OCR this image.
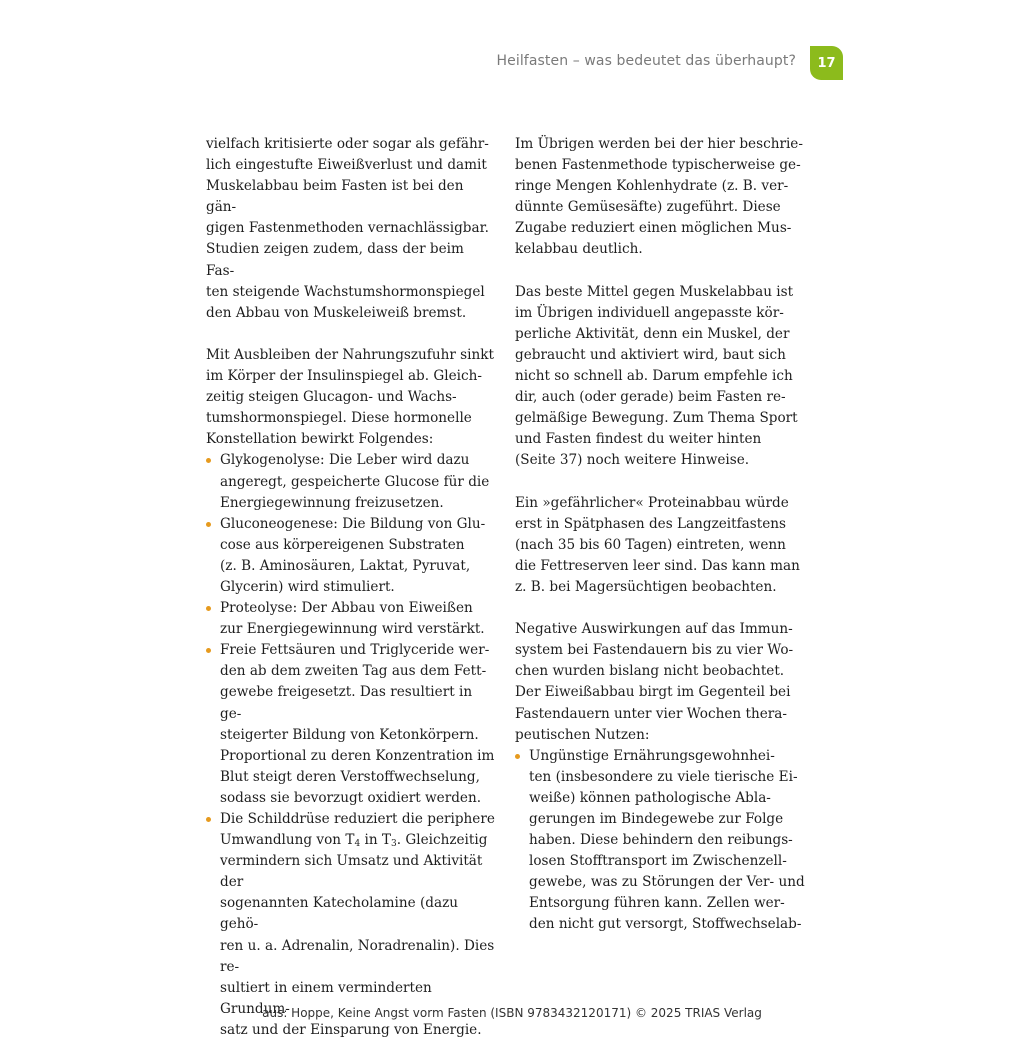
Heilfasten – was bedeutet das überhaupt?	17

vielfach kritisierte oder sogar als gefähr-
lich eingestufte Eiweißverlust und damit
Muskelabbau beim Fasten ist bei den gän-
gigen Fastenmethoden vernachlässigbar.
Studien zeigen zudem, dass der beim Fas-
ten steigende Wachstumshormonspiegel
den Abbau von Muskeleiweiß bremst.

Mit Ausbleiben der Nahrungszufuhr sinkt
im Körper der Insulinspiegel ab. Gleich-
zeitig steigen Glucagon- und Wachs-
tumshormonspiegel. Diese hormonelle
Konstellation bewirkt Folgendes:

Glykogenolyse: Die Leber wird dazu
angeregt, gespeicherte Glucose für die
Energiegewinnung freizusetzen.
Gluconeogenese: Die Bildung von Glu-
cose aus körpereigenen Substraten
(z. B. Aminosäuren, Laktat, Pyruvat,
Glycerin) wird stimuliert.
Proteolyse: Der Abbau von Eiweißen
zur Energiegewinnung wird verstärkt.
Freie Fettsäuren und Triglyceride wer-
den ab dem zweiten Tag aus dem Fett-
gewebe freigesetzt. Das resultiert in ge-
steigerter Bildung von Ketonkörpern.
Proportional zu deren Konzentration im
Blut steigt deren Verstoffwechselung,
sodass sie bevorzugt oxidiert werden.
Die Schilddrüse reduziert die periphere
Umwandlung von $T_4$ in $T_3$. Gleichzeitig
vermindern sich Umsatz und Aktivität der
sogenannten Katecholamine (dazu gehö-
ren u. a. Adrenalin, Noradrenalin). Dies re-
sultiert in einem verminderten Grundum-
satz und der Einsparung von Energie.

Im Übrigen werden bei der hier beschrie-
benen Fastenmethode typischerweise ge-
ringe Mengen Kohlenhydrate (z. B. ver-
dünnte Gemüsesäfte) zugeführt. Diese
Zugabe reduziert einen möglichen Mus-
kelabbau deutlich.

Das beste Mittel gegen Muskelabbau ist
im Übrigen individuell angepasste kör-
perliche Aktivität, denn ein Muskel, der
gebraucht und aktiviert wird, baut sich
nicht so schnell ab. Darum empfehle ich
dir, auch (oder gerade) beim Fasten re-
gelmäßige Bewegung. Zum Thema Sport
und Fasten findest du weiter hinten
(Seite 37) noch weitere Hinweise.

Ein »gefährlicher« Proteinabbau würde
erst in Spätphasen des Langzeitfastens
(nach 35 bis 60 Tagen) eintreten, wenn
die Fettreserven leer sind. Das kann man
z. B. bei Magersüchtigen beobachten.

Negative Auswirkungen auf das Immun-
system bei Fastendauern bis zu vier Wo-
chen wurden bislang nicht beobachtet.
Der Eiweißabbau birgt im Gegenteil bei
Fastendauern unter vier Wochen thera-
peutischen Nutzen:

Ungünstige Ernährungsgewohnhei-
ten (insbesondere zu viele tierische Ei-
weiße) können pathologische Abla-
gerungen im Bindegewebe zur Folge
haben. Diese behindern den reibungs-
losen Stofftransport im Zwischenzell-
gewebe, was zu Störungen der Ver- und
Entsorgung führen kann. Zellen wer-
den nicht gut versorgt, Stoffwechselab-
aus: Hoppe, Keine Angst vorm Fasten (ISBN 9783432120171) © 2025 TRIAS Verlag
